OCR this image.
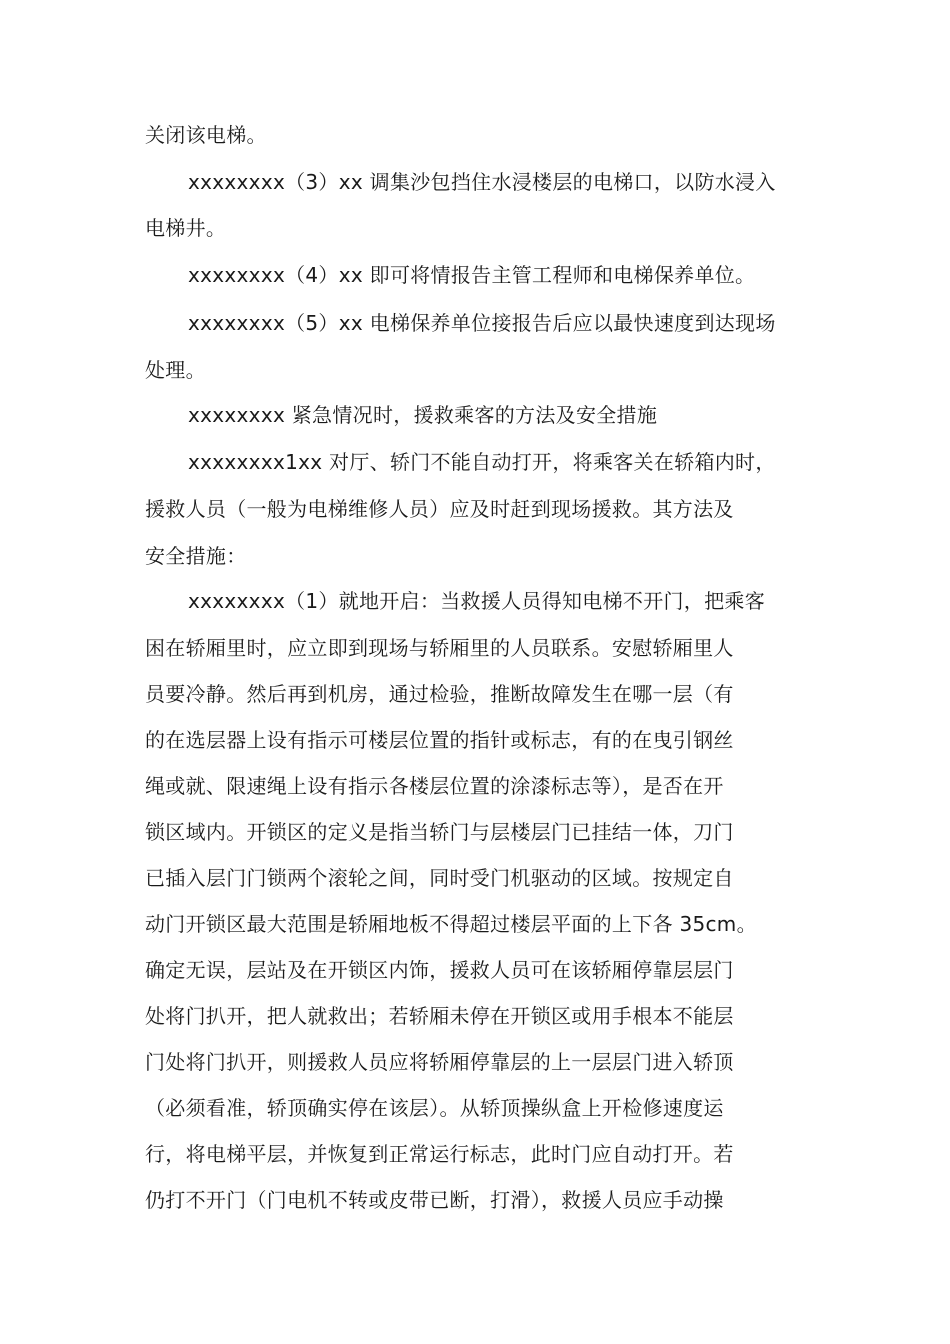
关闭该电梯。
xxxxxxxx（3）xx 调集沙包挡住水浸楼层的电梯口，以防水浸入
电梯井。
xxxxxxxx（4）xx 即可将情报告主管工程师和电梯保养单位。
xxxxxxxx（5）xx 电梯保养单位接报告后应以最快速度到达现场
处理。
xxxxxxxx 紧急情况时，援救乘客的方法及安全措施
xxxxxxxx1xx 对厅、轿门不能自动打开，将乘客关在轿箱内时，
援救人员（一般为电梯维修人员）应及时赶到现场援救。其方法及
安全措施：
xxxxxxxx（1）就地开启：当救援人员得知电梯不开门，把乘客
困在轿厢里时，应立即到现场与轿厢里的人员联系。安慰轿厢里人
员要冷静。然后再到机房，通过检验，推断故障发生在哪一层（有
的在选层器上设有指示可楼层位置的指针或标志，有的在曳引钢丝
绳或就、限速绳上设有指示各楼层位置的涂漆标志等），是否在开
锁区域内。开锁区的定义是指当轿门与层楼层门已挂结一体，刀门
已插入层门门锁两个滚轮之间，同时受门机驱动的区域。按规定自
动门开锁区最大范围是轿厢地板不得超过楼层平面的上下各 35cm。
确定无误，层站及在开锁区内饰，援救人员可在该轿厢停靠层层门
处将门扒开，把人就救出；若轿厢未停在开锁区或用手根本不能层
门处将门扒开，则援救人员应将轿厢停靠层的上一层层门进入轿顶
（必须看准，轿顶确实停在该层）。从轿顶操纵盒上开检修速度运
行，将电梯平层，并恢复到正常运行标志，此时门应自动打开。若
仍打不开门（门电机不转或皮带已断，打滑），救援人员应手动操
